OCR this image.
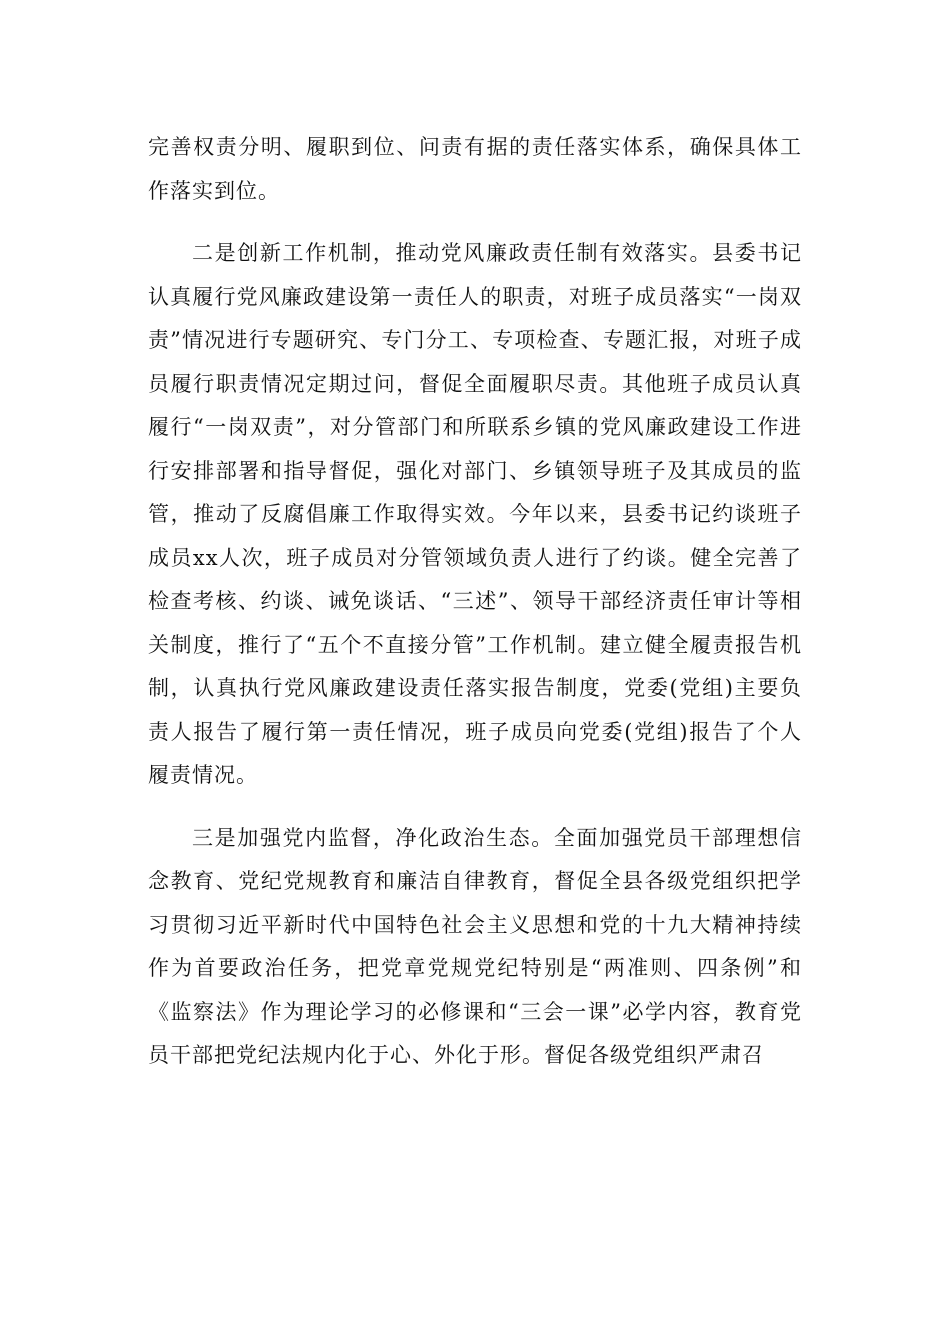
完善权责分明、履职到位、问责有据的责任落实体系，确保具体工作落实到位。

二是创新工作机制，推动党风廉政责任制有效落实。县委书记认真履行党风廉政建设第一责任人的职责，对班子成员落实“一岗双责”情况进行专题研究、专门分工、专项检查、专题汇报，对班子成员履行职责情况定期过问，督促全面履职尽责。其他班子成员认真履行“一岗双责”，对分管部门和所联系乡镇的党风廉政建设工作进行安排部署和指导督促，强化对部门、乡镇领导班子及其成员的监管，推动了反腐倡廉工作取得实效。今年以来，县委书记约谈班子成员xx人次，班子成员对分管领域负责人进行了约谈。健全完善了检查考核、约谈、诫免谈话、“三述”、领导干部经济责任审计等相关制度，推行了“五个不直接分管”工作机制。建立健全履责报告机制，认真执行党风廉政建设责任落实报告制度，党委(党组)主要负责人报告了履行第一责任情况，班子成员向党委(党组)报告了个人履责情况。

三是加强党内监督，净化政治生态。全面加强党员干部理想信念教育、党纪党规教育和廉洁自律教育，督促全县各级党组织把学习贯彻习近平新时代中国特色社会主义思想和党的十九大精神持续作为首要政治任务，把党章党规党纪特别是“两准则、四条例”和《监察法》作为理论学习的必修课和“三会一课”必学内容，教育党员干部把党纪法规内化于心、外化于形。督促各级党组织严肃召
